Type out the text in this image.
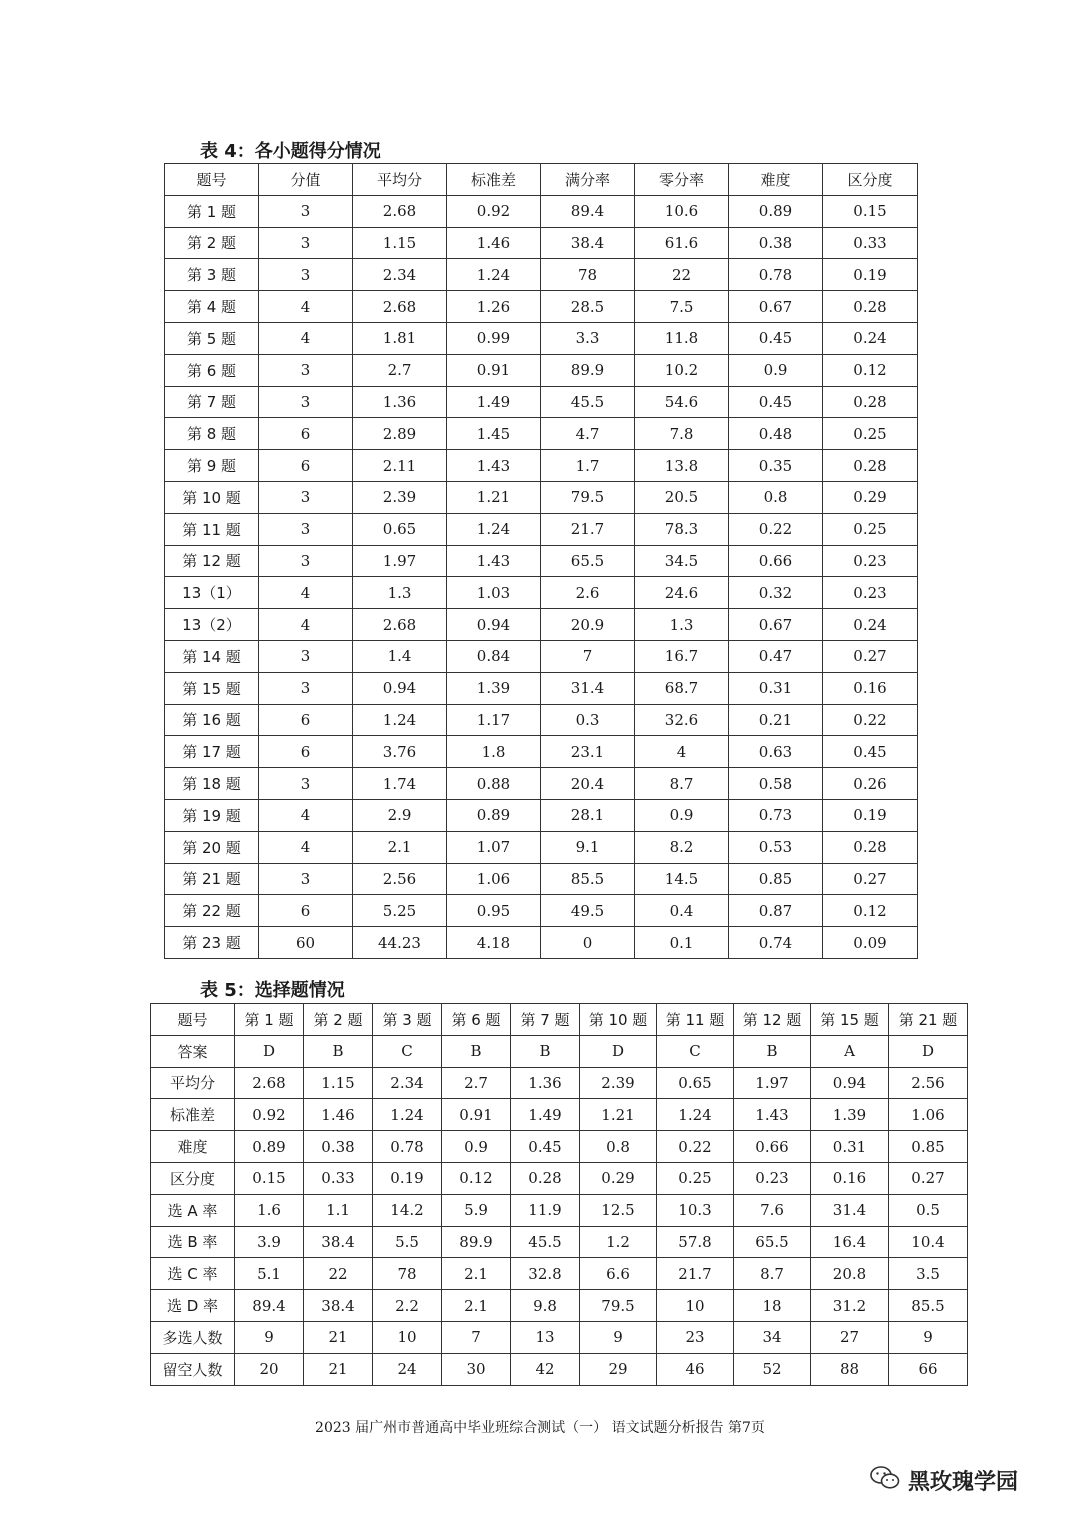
表 4：各小题得分情况
题号	分值	平均分	标准差	满分率	零分率	难度	区分度
第 1 题	3	2.68	0.92	89.4	10.6	0.89	0.15
第 2 题	3	1.15	1.46	38.4	61.6	0.38	0.33
第 3 题	3	2.34	1.24	78	22	0.78	0.19
第 4 题	4	2.68	1.26	28.5	7.5	0.67	0.28
第 5 题	4	1.81	0.99	3.3	11.8	0.45	0.24
第 6 题	3	2.7	0.91	89.9	10.2	0.9	0.12
第 7 题	3	1.36	1.49	45.5	54.6	0.45	0.28
第 8 题	6	2.89	1.45	4.7	7.8	0.48	0.25
第 9 题	6	2.11	1.43	1.7	13.8	0.35	0.28
第 10 题	3	2.39	1.21	79.5	20.5	0.8	0.29
第 11 题	3	0.65	1.24	21.7	78.3	0.22	0.25
第 12 题	3	1.97	1.43	65.5	34.5	0.66	0.23
13（1）	4	1.3	1.03	2.6	24.6	0.32	0.23
13（2）	4	2.68	0.94	20.9	1.3	0.67	0.24
第 14 题	3	1.4	0.84	7	16.7	0.47	0.27
第 15 题	3	0.94	1.39	31.4	68.7	0.31	0.16
第 16 题	6	1.24	1.17	0.3	32.6	0.21	0.22
第 17 题	6	3.76	1.8	23.1	4	0.63	0.45
第 18 题	3	1.74	0.88	20.4	8.7	0.58	0.26
第 19 题	4	2.9	0.89	28.1	0.9	0.73	0.19
第 20 题	4	2.1	1.07	9.1	8.2	0.53	0.28
第 21 题	3	2.56	1.06	85.5	14.5	0.85	0.27
第 22 题	6	5.25	0.95	49.5	0.4	0.87	0.12
第 23 题	60	44.23	4.18	0	0.1	0.74	0.09
表 5：选择题情况
题号	第 1 题	第 2 题	第 3 题	第 6 题	第 7 题	第 10 题	第 11 题	第 12 题	第 15 题	第 21 题
答案	D	B	C	B	B	D	C	B	A	D
平均分	2.68	1.15	2.34	2.7	1.36	2.39	0.65	1.97	0.94	2.56
标准差	0.92	1.46	1.24	0.91	1.49	1.21	1.24	1.43	1.39	1.06
难度	0.89	0.38	0.78	0.9	0.45	0.8	0.22	0.66	0.31	0.85
区分度	0.15	0.33	0.19	0.12	0.28	0.29	0.25	0.23	0.16	0.27
选 A 率	1.6	1.1	14.2	5.9	11.9	12.5	10.3	7.6	31.4	0.5
选 B 率	3.9	38.4	5.5	89.9	45.5	1.2	57.8	65.5	16.4	10.4
选 C 率	5.1	22	78	2.1	32.8	6.6	21.7	8.7	20.8	3.5
选 D 率	89.4	38.4	2.2	2.1	9.8	79.5	10	18	31.2	85.5
多选人数	9	21	10	7	13	9	23	34	27	9
留空人数	20	21	24	30	42	29	46	52	88	66
2023 届广州市普通高中毕业班综合测试（一） 语文试题分析报告 第7页
黑玫瑰学园
